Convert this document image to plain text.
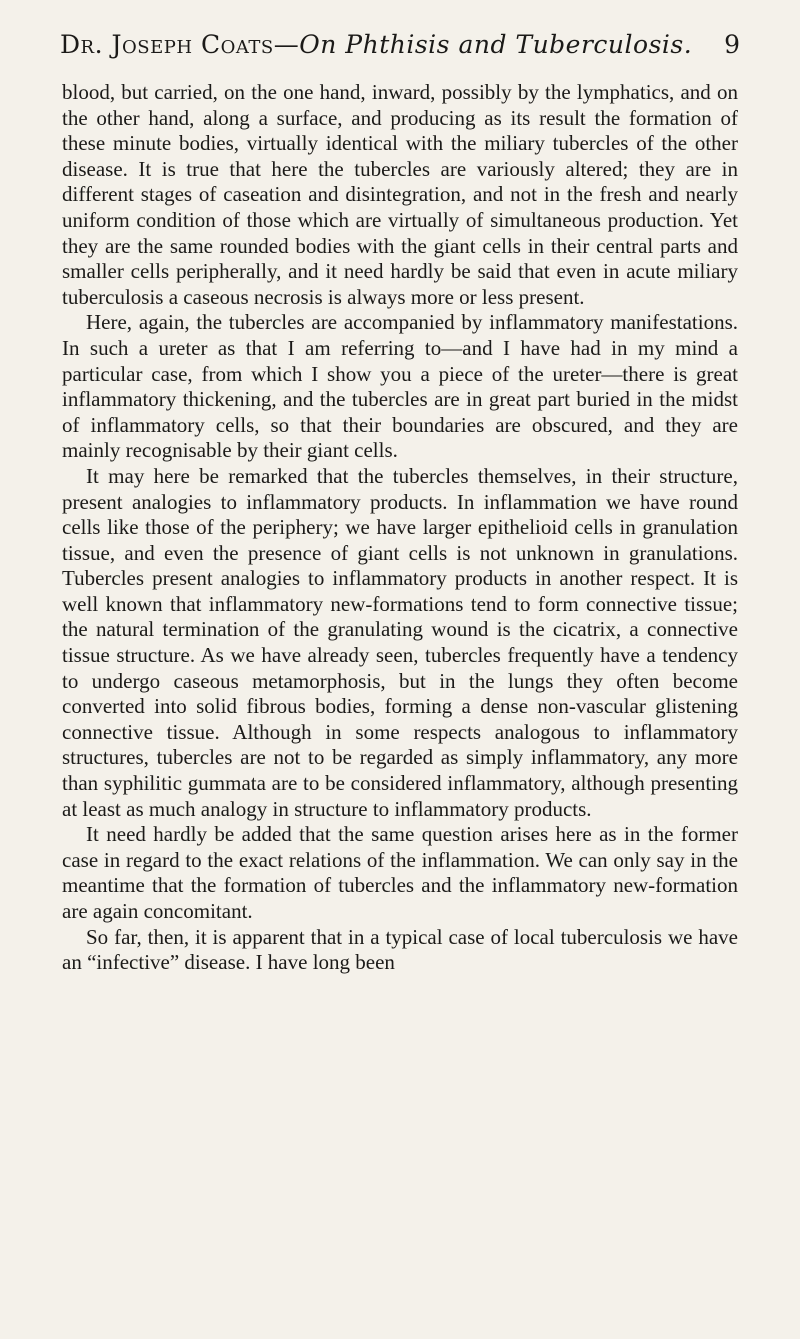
Dr. Joseph Coats—On Phthisis and Tuberculosis. 9

blood, but carried, on the one hand, inward, possibly by the lymphatics, and on the other hand, along a surface, and producing as its result the formation of these minute bodies, virtually identical with the miliary tubercles of the other disease. It is true that here the tubercles are variously altered; they are in different stages of caseation and disintegration, and not in the fresh and nearly uniform condition of those which are virtually of simultaneous production. Yet they are the same rounded bodies with the giant cells in their central parts and smaller cells peripherally, and it need hardly be said that even in acute miliary tuberculosis a caseous necrosis is always more or less present.

Here, again, the tubercles are accompanied by inflammatory manifestations. In such a ureter as that I am referring to—and I have had in my mind a particular case, from which I show you a piece of the ureter—there is great inflammatory thickening, and the tubercles are in great part buried in the midst of inflammatory cells, so that their boundaries are obscured, and they are mainly recognisable by their giant cells.

It may here be remarked that the tubercles themselves, in their structure, present analogies to inflammatory products. In inflammation we have round cells like those of the periphery; we have larger epithelioid cells in granulation tissue, and even the presence of giant cells is not unknown in granulations. Tubercles present analogies to inflammatory products in another respect. It is well known that inflammatory new-formations tend to form connective tissue; the natural termination of the granulating wound is the cicatrix, a connective tissue structure. As we have already seen, tubercles frequently have a tendency to undergo caseous metamorphosis, but in the lungs they often become converted into solid fibrous bodies, forming a dense non-vascular glistening connective tissue. Although in some respects analogous to inflammatory structures, tubercles are not to be regarded as simply inflammatory, any more than syphilitic gummata are to be considered inflammatory, although presenting at least as much analogy in structure to inflammatory products.

It need hardly be added that the same question arises here as in the former case in regard to the exact relations of the inflammation. We can only say in the meantime that the formation of tubercles and the inflammatory new-formation are again concomitant.

So far, then, it is apparent that in a typical case of local tuberculosis we have an “infective” disease. I have long been
